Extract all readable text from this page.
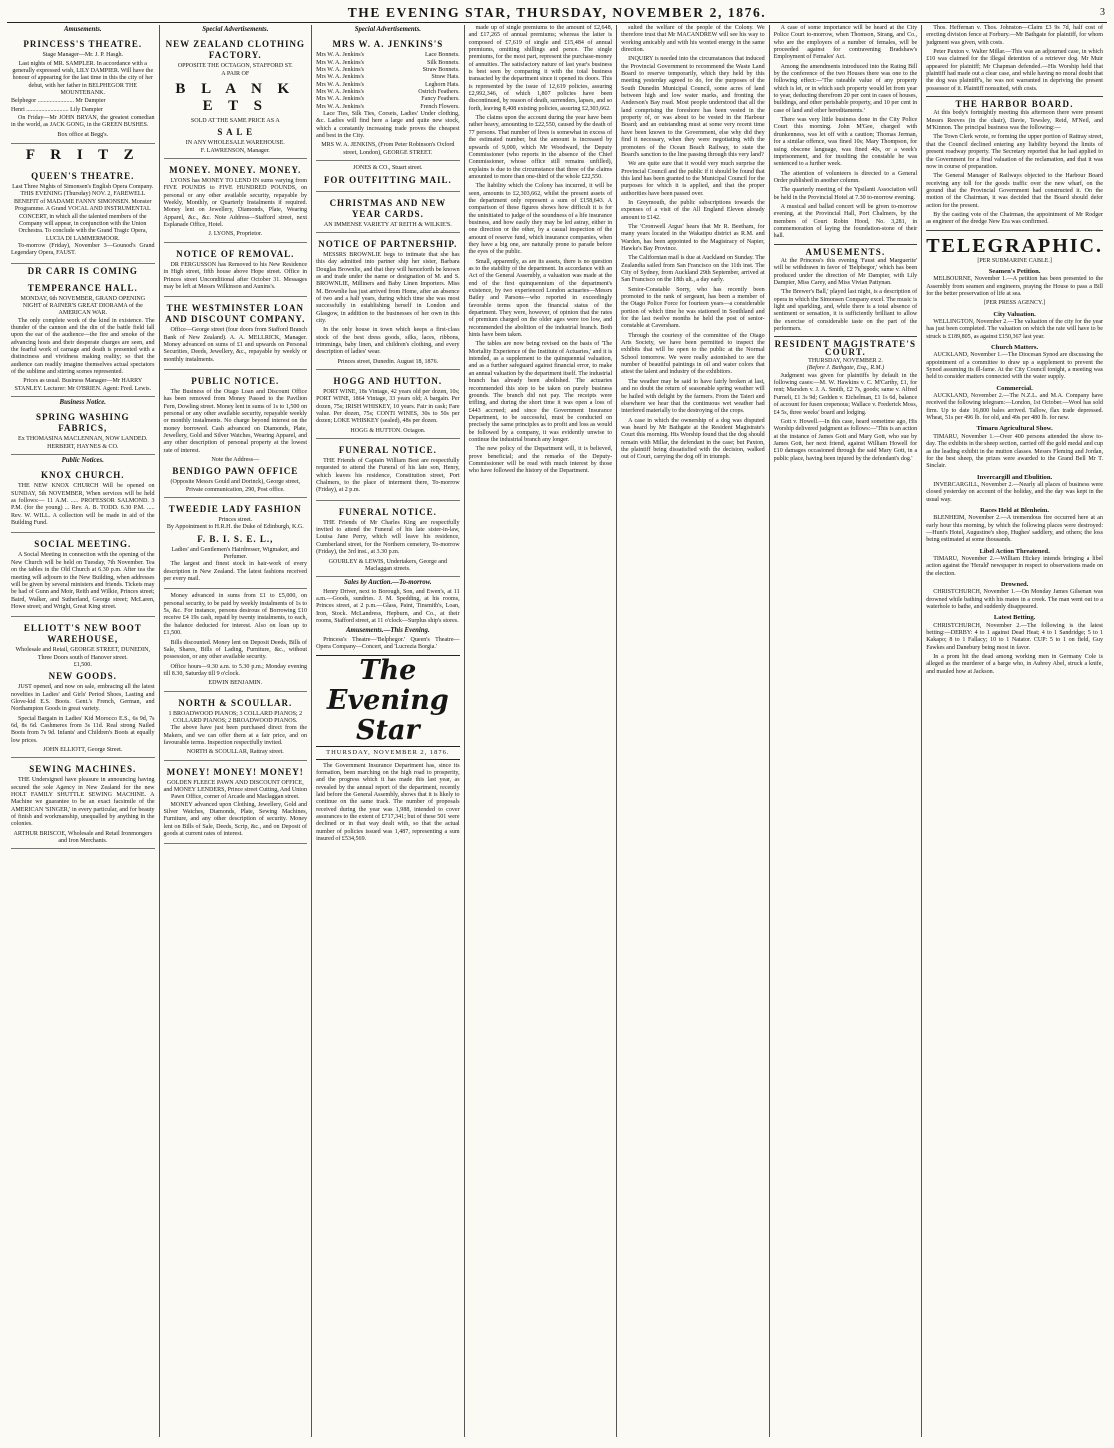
THE EVENING STAR, THURSDAY, NOVEMBER 2, 1876.	3
Amusements.
PRINCESS'S THEATRE.
Stage Manager—Mr. J. P. Hasgh.
Last nights of MR. SAMPLER. In accordance with a generally expressed wish, LILY DAMPIER. Will have the honour of appearing for the last time in this the city of her debut, with her father in BELPHEGOR THE MOUNTEBANK.
Belphegor ........................ Mr Dampier
Henri ............................ Lily Dampier

On Friday—Mr JOHN BRYAN, the greatest comedian in the world, as JACK GONG, in the GREEN BUSHES.

Box office at Begg's.
F R I T Z
QUEEN'S THEATRE.
Last Three Nights of Simonsen's English Opera Company. THIS EVENING (Thursday) NOV. 2, FAREWELL BENEFIT of MADAME FANNY SIMONSEN. Monster Programme. A Grand VOCAL AND INSTRUMENTAL CONCERT, in which all the talented members of the Company will appear, in conjunction with the Union Orchestra. To conclude with the Grand Tragic Opera, LUCIA DI LAMMERMOOR.

To-morrow (Friday), November 3—Gounod's Grand Legendary Opera, FAUST.

DR CARR IS COMING
TEMPERANCE HALL.
MONDAY, 6th NOVEMBER, GRAND OPENING NIGHT of RAINER'S GREAT DIORAMA of the AMERICAN WAR.

The only complete work of the kind in existence. The thunder of the cannon and the din of the battle field fall upon the ear of the audience—the fire and smoke of the advancing hosts and their desperate charges are seen, and the fearful work of carnage and death is presented with a distinctness and vividness making reality; so that the audience can readily imagine themselves actual spectators of the sublime and stirring scenes represented.

Prices as usual. Business Manager—Mr HARRY STANLEY. Lecturer: Mr O'BRIEN. Agent: Fred. Lewis.
Business Notice.
SPRING WASHING FABRICS,
Ex THOMASINA MACLENNAN, NOW LANDED.
HERBERT, HAYNES & CO.
Public Notices.
KNOX CHURCH.

THE NEW KNOX CHURCH Will be opened on SUNDAY, 5th NOVEMBER, When services will be held as follows:— 11 A.M. ..... PROFESSOR SALMOND. 3 P.M. (for the young) ... Rev. A. B. TODD. 6.30 P.M. ..... Rev. W. WILL. A collection will be made in aid of the Building Fund.

SOCIAL MEETING.

A Social Meeting in connection with the opening of the New Church will be held on Tuesday, 7th November. Tea on the tables in the Old Church at 6.30 p.m. After tea the meeting will adjourn to the New Building, when addresses will be given by several ministers and friends. Tickets may be had of Gunn and Moir, Reith and Wilkie, Princes street; Baird, Walker, and Sutherland, George street; McLaren, Howe street; and Wright, Great King street.

ELLIOTT'S NEW BOOT WAREHOUSE,
Wholesale and Retail, GEORGE STREET, DUNEDIN, Three Doors south of Hanover street.
£1,500.
NEW GOODS.

JUST opened, and now on sale, embracing all the latest novelties in Ladies' and Girls' Period Shoes, Lasting and Glove-kid E.S. Boots. Gent.'s French, German, and Northampton Goods in great variety.

Special Bargain in Ladies' Kid Morocco E.S., 6s 9d, 7s 6d, 8s 6d. Cashmeres from 3s 11d. Real strong Nailed Boots from 7s 9d. Infants' and Children's Boots at equally low prices.

JOHN ELLIOTT, George Street.
SEWING MACHINES.

THE Undersigned have pleasure in announcing having secured the sole Agency in New Zealand for the new HOLT FAMILY SHUTTLE SEWING MACHINE. A Machine we guarantee to be an exact facsimile of the AMERICAN 'SINGER,' in every particular, and for beauty of finish and workmanship, unequalled by anything in the colonies.

ARTHUR BRISCOE, Wholesale and Retail Ironmongers and Iron Merchants.
Special Advertisements.
NEW ZEALAND CLOTHING FACTORY.
OPPOSITE THE OCTAGON, STAFFORD ST.
A PAIR OF
B L A N K E T S
SOLD AT THE SAME PRICE AS A
S A L E
IN ANY WHOLESALE WAREHOUSE.
F. LAWRENSON, Manager.
MONEY. MONEY. MONEY.

LYONS has MONEY TO LEND IN sums varying from FIVE POUNDS to FIVE HUNDRED POUNDS, on personal or any other available security, repayable by Weekly, Monthly, or Quarterly Instalments if required. Money lent on Jewellery, Diamonds, Plate, Wearing Apparel, &c., &c. Note Address—Stafford street, next Esplanade Office, Hotel.

J. LYONS, Proprietor.
NOTICE OF REMOVAL.

DR FERGUSSON has Removed to his New Residence in High street, fifth house above Hope street. Office in Princes street Unconditional after October 31. Messages may be left at Messrs Wilkinson and Aunins's.

THE WESTMINSTER LOAN AND DISCOUNT COMPANY.

Office—George street (four doors from Stafford Branch Bank of New Zealand). A. A. MELLRICK, Manager. Money advanced on sums of £1 and upwards on Personal Securities, Deeds, Jewellery, &c., repayable by weekly or monthly instalments.

PUBLIC NOTICE.

The Business of the Otago Loan and Discount Office has been removed from Money Passed to the Pavilion Fern, Dowling street. Money lent in sums of 1s to 1,500 on personal or any other available security, repayable weekly or monthly instalments. No charge beyond interest on the money borrowed. Cash advanced on Diamonds, Plate, Jewellery, Gold and Silver Watches, Wearing Apparel, and any other description of personal property at the lowest rate of interest.

Note the Address—
BENDIGO PAWN OFFICE
(Opposite Messrs Gould and Dorinck), George street, Private communication, 290, Post office.
TWEEDIE LADY FASHION
Princes street.
By Appointment to H.R.H. the Duke of Edinburgh, K.G.
F. B. I. S. E. L.,
Ladies' and Gentlemen's Hairdresser, Wigmaker, and Perfumer.

The largest and finest stock in hair-work of every description in New Zealand. The latest fashions received per every mail.

Money advanced in sums from £1 to £5,000, on personal security, to be paid by weekly instalments of 1s to 5s, &c. For instance, persons desirous of Borrowing £10 receive £4 19s cash, repaid by twenty instalments, to each, the balance deducted for interest. Also on loan up to £1,500.

Bills discounted. Money lent on Deposit Deeds, Bills of Sale, Shares, Bills of Lading, Furniture, &c., without possession, or any other available security.

Office hours—9.30 a.m. to 5.30 p.m.; Monday evening till 8.30, Saturday till 9 o'clock.

EDWIN BENJAMIN.
NORTH & SCOULLAR.
1 BROADWOOD PIANOS; 3 COLLARD PIANOS; 2 COLLARD PIANOS; 2 BROADWOOD PIANOS.

The above have just been purchased direct from the Makers, and we can offer them at a fair price, and on favourable terms. Inspection respectfully invited.

NORTH & SCOULLAR, Rattray street.
MONEY! MONEY! MONEY!
GOLDEN FLEECE PAWN AND DISCOUNT OFFICE, and MONEY LENDERS, Prince street Cutting, And Union Pawn Office, corner of Arcade and Maclaggan street.

MONEY advanced upon Clothing, Jewellery, Gold and Silver Watches, Diamonds, Plate, Sewing Machines, Furniture, and any other description of security. Money lent on Bills of Sale, Deeds, Scrip, &c., and on Deposit of goods at current rates of interest.

Special Advertisements.
MRS W. A. JENKINS'S
Mrs W. A. Jenkins's	Lace Bonnets.
Mrs W. A. Jenkins's	Silk Bonnets.
Mrs W. A. Jenkins's	Straw Bonnets.
Mrs W. A. Jenkins's	Straw Hats.
Mrs W. A. Jenkins's	Leghorn Hats.
Mrs W. A. Jenkins's	Ostrich Feathers.
Mrs W. A. Jenkins's	Fancy Feathers.
Mrs W. A. Jenkins's	French Flowers.

Lace Ties, Silk Ties, Corsets, Ladies' Under clothing, &c. Ladies will find here a large and quite new stock, which a constantly increasing trade proves the cheapest and best in the City.

MRS W. A. JENKINS, (From Peter Robinson's Oxford street, London), GEORGE STREET.
JONES & CO., Stuart street.
FOR OUTFITTING MAIL.
CHRISTMAS AND NEW YEAR CARDS.
AN IMMENSE VARIETY AT REITH & WILKIE'S.
NOTICE OF PARTNERSHIP.

MESSRS BROWNLIE begs to intimate that she has this day admitted into partner ship her sister, Barbara Douglas Brownlie, and that they will henceforth be known as and trade under the name or designation of M. and S. BROWNLIE, Milliners and Baby Linen Importers. Miss M. Brownlie has just arrived from Home, after an absence of two and a half years, during which time she was most successfully in establishing herself in London and Glasgow, in addition to the businesses of her own in this city.

In the only house in town which keeps a first-class stock of the best dress goods, silks, laces, ribbons, trimmings, baby linen, and children's clothing, and every description of ladies' wear.

Princes street, Dunedin. August 18, 1876.
HOGG AND HUTTON.

PORT WINE, 18s Vintage, 42 years old per dozen, 10s; PORT WINE, 1864 Vintage, 33 years old; A bargain. Per dozen, 75s; IRISH WHISKEY, 10 years. Fair in cask; Fare value. Per dozen, 75s; CONTI WINES, 30s to 50s per dozen; LOKE WHISKEY (sealed), 48s per dozen.

HOGG & HUTTON. Octagon.
FUNERAL NOTICE.

THE Friends of Captain William Best are respectfully requested to attend the Funeral of his late son, Henry, which leaves his residence, Constitution street, Port Chalmers, to the place of interment there, To-morrow (Friday), at 2 p.m.

FUNERAL NOTICE.

THE Friends of Mr Charles King are respectfully invited to attend the Funeral of his late sister-in-law, Louisa Jane Perry, which will leave his residence, Cumberland street, for the Northern cemetery, To-morrow (Friday), the 3rd inst., at 3.30 p.m.

GOURLEY & LEWIS, Undertakers, George and Maclaggan streets.
Sales by Auction.—To-morrow.

Henry Driver, next to Borough, Son, and Ewen's, at 11 a.m.—Goods, sundries. J. M. Spedding, at his rooms, Princes street, at 2 p.m.—Glass, Paint, Tinsmith's, Loan, Iron, Stock. McLandress, Hepburn, and Co., at their rooms, Stafford street, at 11 o'clock—Surplus ship's stores.

Amusements.—This Evening.

Princess's Theatre—'Belphegor.' Queen's Theatre—Opera Company—Concert, and 'Lucrezia Borgia.'

The Evening Star
THURSDAY, NOVEMBER 2, 1876.

The Government Insurance Department has, since its formation, been marching on the high road to prosperity, and the progress which it has made this last year, as revealed by the annual report of the department, recently laid before the General Assembly, shows that it is likely to continue on the same track. The number of proposals received during the year was 1,988, intended to cover assurances to the extent of £717,341; but of these 501 were declined or in that way dealt with, so that the actual number of policies issued was 1,487, representing a sum insured of £534,569.

made up of single premiums to the amount of £2,648, and £17,265 of annual premiums; whereas the latter is composed of £7,619 of single and £15,484 of annual premiums, omitting shillings and pence. The single premiums, for the most part, represent the purchase-money of annuities. The satisfactory nature of last year's business is best seen by comparing it with the total business transacted by the department since it opened its doors. This is represented by the issue of 12,619 policies, assuring £2,992,346, of which 1,807 policies have been discontinued, by reason of death, surrenders, lapses, and so forth, leaving 8,408 existing policies, assuring £2,303,662.

The claims upon the account during the year have been rather heavy, amounting to £22,550, caused by the death of 77 persons. That number of lives is somewhat in excess of the estimated number, but the amount is increased by upwards of 9,000, which Mr Woodward, the Deputy Commissioner (who reports in the absence of the Chief Commissioner, whose office still remains unfilled), explains is due to the circumstance that three of the claims amounted to more than one-third of the whole £22,550.

The liability which the Colony has incurred, it will be seen, amounts to £2,303,662, whilst the present assets of the department only represent a sum of £158,643. A comparison of these figures shows how difficult it is for the uninitiated to judge of the soundness of a life insurance business, and how easily they may be led astray, either in one direction or the other, by a casual inspection of the amount of reserve fund, which insurance companies, when they have a big one, are naturally prone to parade before the eyes of the public.

Small, apparently, as are its assets, there is no question as to the stability of the department. In accordance with an Act of the General Assembly, a valuation was made at the end of the first quinquennium of the department's existence, by two experienced London actuaries—Messrs Bailey and Parsons—who reported in exceedingly favorable terms upon the financial status of the department. They were, however, of opinion that the rates of premium charged on the older ages were too low, and recommended the abolition of the industrial branch. Both hints have been taken.

The tables are now being revised on the basis of 'The Mortality Experience of the Institute of Actuaries,' and it is intended, as a supplement to the quinquennial valuation, and as a further safeguard against financial error, to make an annual valuation by the department itself. The industrial branch has already been abolished. The actuaries recommended this step to be taken on purely business grounds. The branch did not pay. The receipts were trifling, and during the short time it was open a loss of £443 accrued; and since the Government Insurance Department, to be successful, must be conducted on precisely the same principles as to profit and loss as would be followed by a company, it was evidently unwise to continue the industrial branch any longer.

The new policy of the Department will, it is believed, prove beneficial; and the remarks of the Deputy-Commissioner will be read with much interest by those who have followed the history of the Department.

sulted the welfare of the people of the Colony. We therefore trust that Mr MACANDREW will see his way to working amicably and with his wonted energy in the same direction.

INQUIRY is needed into the circumstances that induced the Provincial Government to recommend the Waste Land Board to reserve temporarily, which they held by this meeting yesterday agreed to do, for the purposes of the South Dunedin Municipal Council, some acres of land between high and low water marks, and fronting the Anderson's Bay road. Most people understood that all the land comprising the foreshore has been vested in the property of, or was about to be vested in the Harbour Board; and an outstanding must at some very recent time have been known to the Government, else why did they find it necessary, when they were negotiating with the promoters of the Ocean Beach Railway, to state the Board's sanction to the line passing through this very land?

We are quite sure that it would very much surprise the Provincial Council and the public if it should be found that this land has been granted to the Municipal Council for the purposes for which it is applied, and that the proper authorities have been passed over.

In Greymouth, the public subscriptions towards the expenses of a visit of the All England Eleven already amount to £142.

The 'Cromwell Argus' hears that Mr R. Beetham, for many years located in the Wakatipu district as R.M. and Warden, has been appointed to the Magistracy of Napier, Hawke's Bay Province.

The Californian mail is due at Auckland on Sunday. The Zealandia sailed from San Francisco on the 11th inst. The City of Sydney, from Auckland 29th September, arrived at San Francisco on the 18th ult., a day early.

Senior-Constable Sorry, who has recently been promoted to the rank of sergeant, has been a member of the Otago Police Force for fourteen years—a considerable portion of which time he was stationed in Southland and for the last twelve months he held the post of senior-constable at Caversham.

Through the courtesy of the committee of the Otago Arts Society, we have been permitted to inspect the exhibits that will be open to the public at the Normal School tomorrow. We were really astonished to see the number of beautiful paintings in oil and water colors that attest the talent and industry of the exhibitors.

The weather may be said to have fairly broken at last, and no doubt the return of seasonable spring weather will be hailed with delight by the farmers. From the Taieri and elsewhere we hear that the continuous wet weather had interfered materially to the destroying of the crops.

A case in which the ownership of a dog was disputed was heard by Mr Bathgate at the Resident Magistrate's Court this morning. His Worship found that the dog should remain with Millar, the defendant in the case; but Paxton, the plaintiff being dissatisfied with the decision, walked out of Court, carrying the dog off in triumph.

A case of some importance will be heard at the City Police Court to-morrow, when Thomson, Strang, and Co., who are the employers of a number of females, will be proceeded against for contravening Bradshaw's Employment of Females' Act.

Among the amendments introduced into the Rating Bill by the conference of the two Houses there was one to the following effect:—'The rateable value of any property which is let, or in which such property would let from year to year, deducting therefrom 20 per cent in cases of houses, buildings, and other perishable property, and 10 per cent in case of land and other hereditaments.'

There was very little business done in the City Police Court this morning. John M'Gee, charged with drunkenness, was let off with a caution; Thomas Jerman, for a similar offence, was fined 10s; Mary Thompson, for using obscene language, was fined 40s, or a week's imprisonment, and for insulting the constable he was sentenced to a further week.

The attention of volunteers is directed to a General Order published in another column.

The quarterly meeting of the Ypsilanti Association will be held in the Provincial Hotel at 7.30 to-morrow evening.

A musical and ballad concert will be given to-morrow evening, at the Provincial Hall, Port Chalmers, by the members of Court Robin Hood, No. 3,281, in commemoration of laying the foundation-stone of their hall.

AMUSEMENTS.

At the Princess's this evening 'Faust and Marguerite' will be withdrawn in favor of 'Belphegor,' which has been produced under the direction of Mr Dampier, with Lily Dampier, Miss Carey, and Miss Vivian Pattynan.

'The Brewer's Ball,' played last night, is a description of opera in which the Simonsen Company excel. The music is light and sparkling, and, while there is a total absence of sentiment or sensation, it is sufficiently brilliant to allow the exercise of considerable taste on the part of the performers.

RESIDENT MAGISTRATE'S COURT.
THURSDAY, NOVEMBER 2.
(Before J. Bathgate, Esq., R.M.)

Judgment was given for plaintiffs by default in the following cases:—M. W. Hawkins v. C. M'Carthy, £1, for rent; Marsden v. J. A. Smith, £2 7s, goods; same v. Alfred Furneli, £1 3s 9d; Gedden v. Eichelman, £1 1s 6d, balance of account for fusen crepenous; Wallace v. Frederick Moss, £4 5s, three weeks' board and lodging.

Gott v. Howell.—In this case, heard sometime ago, His Worship delivered judgment as follows:—'This is an action at the instance of James Gott and Mary Gott, who sue by James Gott, her next friend, against William Howell for £10 damages occasioned through the said Mary Gott, in a public place, having been injured by the defendant's dog.'

Thos. Heffernan v. Thos. Johnston—Claim £3 9s 7d, half cost of erecting division fence at Forbury.—Mr Bathgate for plaintiff, for whom judgment was given, with costs.

Peter Paxton v. Walter Millar.—This was an adjourned case, in which £10 was claimed for the illegal detention of a retriever dog. Mr Muir appeared for plaintiff; Mr Chapman defended.—His Worship held that plaintiff had made out a clear case, and while having no moral doubt that the dog was plaintiff's, he was not warranted in depriving the present possessor of it. Plaintiff nonsuited, with costs.

THE HARBOR BOARD.

At this body's fortnightly meeting this afternoon there were present Messrs Reeves (in the chair), Davie, Tewsley, Reid, M'Neil, and M'Kinnon. The principal business was the following:—

The Town Clerk wrote, re forming the upper portion of Rattray street, that the Council declined entering any liability beyond the limits of present roadway property. The Secretary reported that he had applied to the Government for a final valuation of the reclamation, and that it was now in course of preparation.

The General Manager of Railways objected to the Harbour Board receiving any toll for the goods traffic over the new wharf, on the ground that the Provincial Government had constructed it. On the motion of the Chairman, it was decided that the Board should defer action for the present.

By the casting vote of the Chairman, the appointment of Mr Rodger as engineer of the dredge New Era was confirmed.

TELEGRAPHIC.
[PER SUBMARINE CABLE.]
Seamen's Petition.

MELBOURNE, November 1.—A petition has been presented to the Assembly from seamen and engineers, praying the House to pass a Bill for the better preservation of life at sea.

[PER PRESS AGENCY.]
City Valuation.

WELLINGTON, November 2.—The valuation of the city for the year has just been completed. The valuation on which the rate will have to be struck is £189,805, as against £150,367 last year.

Church Matters.

AUCKLAND, November 1.—The Diocesan Synod are discussing the appointment of a committee to draw up a supplement to prevent the Synod assuming its ill-fame. At the City Council tonight, a meeting was held to consider matters connected with the water supply.

Commercial.

AUCKLAND, November 2.—The N.Z.L. and M.A. Company have received the following telegram:—London, 1st October.—Wool has sold firm. Up to date 16,800 bales arrived. Tallow, flax trade depressed. Wheat, 51s per 496 lb. for old, and 49s per 480 lb. for new.

Timaru Agricultural Show.

TIMARU, November 1.—Over 400 persons attended the show to-day. The exhibits in the sheep section, carried off the gold medal and cup as the leading exhibit in the mutton classes. Messrs Fleming and Jordan, for the best sheep, the prizes were awarded to the Grand Bell Mr T. Sinclair.

Invercargill and Ebulition.

INVERCARGILL, November 2.—Nearly all places of business were closed yesterday on account of the holiday, and the day was kept in the usual way.

Races Held at Blenheim.

BLENHEIM, November 2.—A tremendous fire occurred here at an early hour this morning, by which the following places were destroyed:—Hunt's Hotel, Augustine's shop, Hughes' saddlery, and others; the loss being estimated at some thousands.

Libel Action Threatened.

TIMARU, November 2.—William Hickey intends bringing a libel action against the 'Herald' newspaper in respect to observations made on the election.

Drowned.

CHRISTCHURCH, November 1.—On Monday James Gilsenan was drowned while bathing with his mates in a creek. The man went out to a waterhole to bathe, and suddenly disappeared.

Latest Betting.

CHRISTCHURCH, November 2.—The following is the latest betting:—DERBY: 4 to 1 against Dead Heat; 4 to 1 Sandridge; 5 to 1 Kakapo; 8 to 1 Fallacy; 10 to 1 Natator. CUP: 5 to 1 on field, Guy Fawkes and Danebury being most in favor.

In a prom hit the dead among working men in Germany Cole is alleged as the murderer of a barge who, in Aubrey Abel, struck a knife, and mauled how at Jackson.
